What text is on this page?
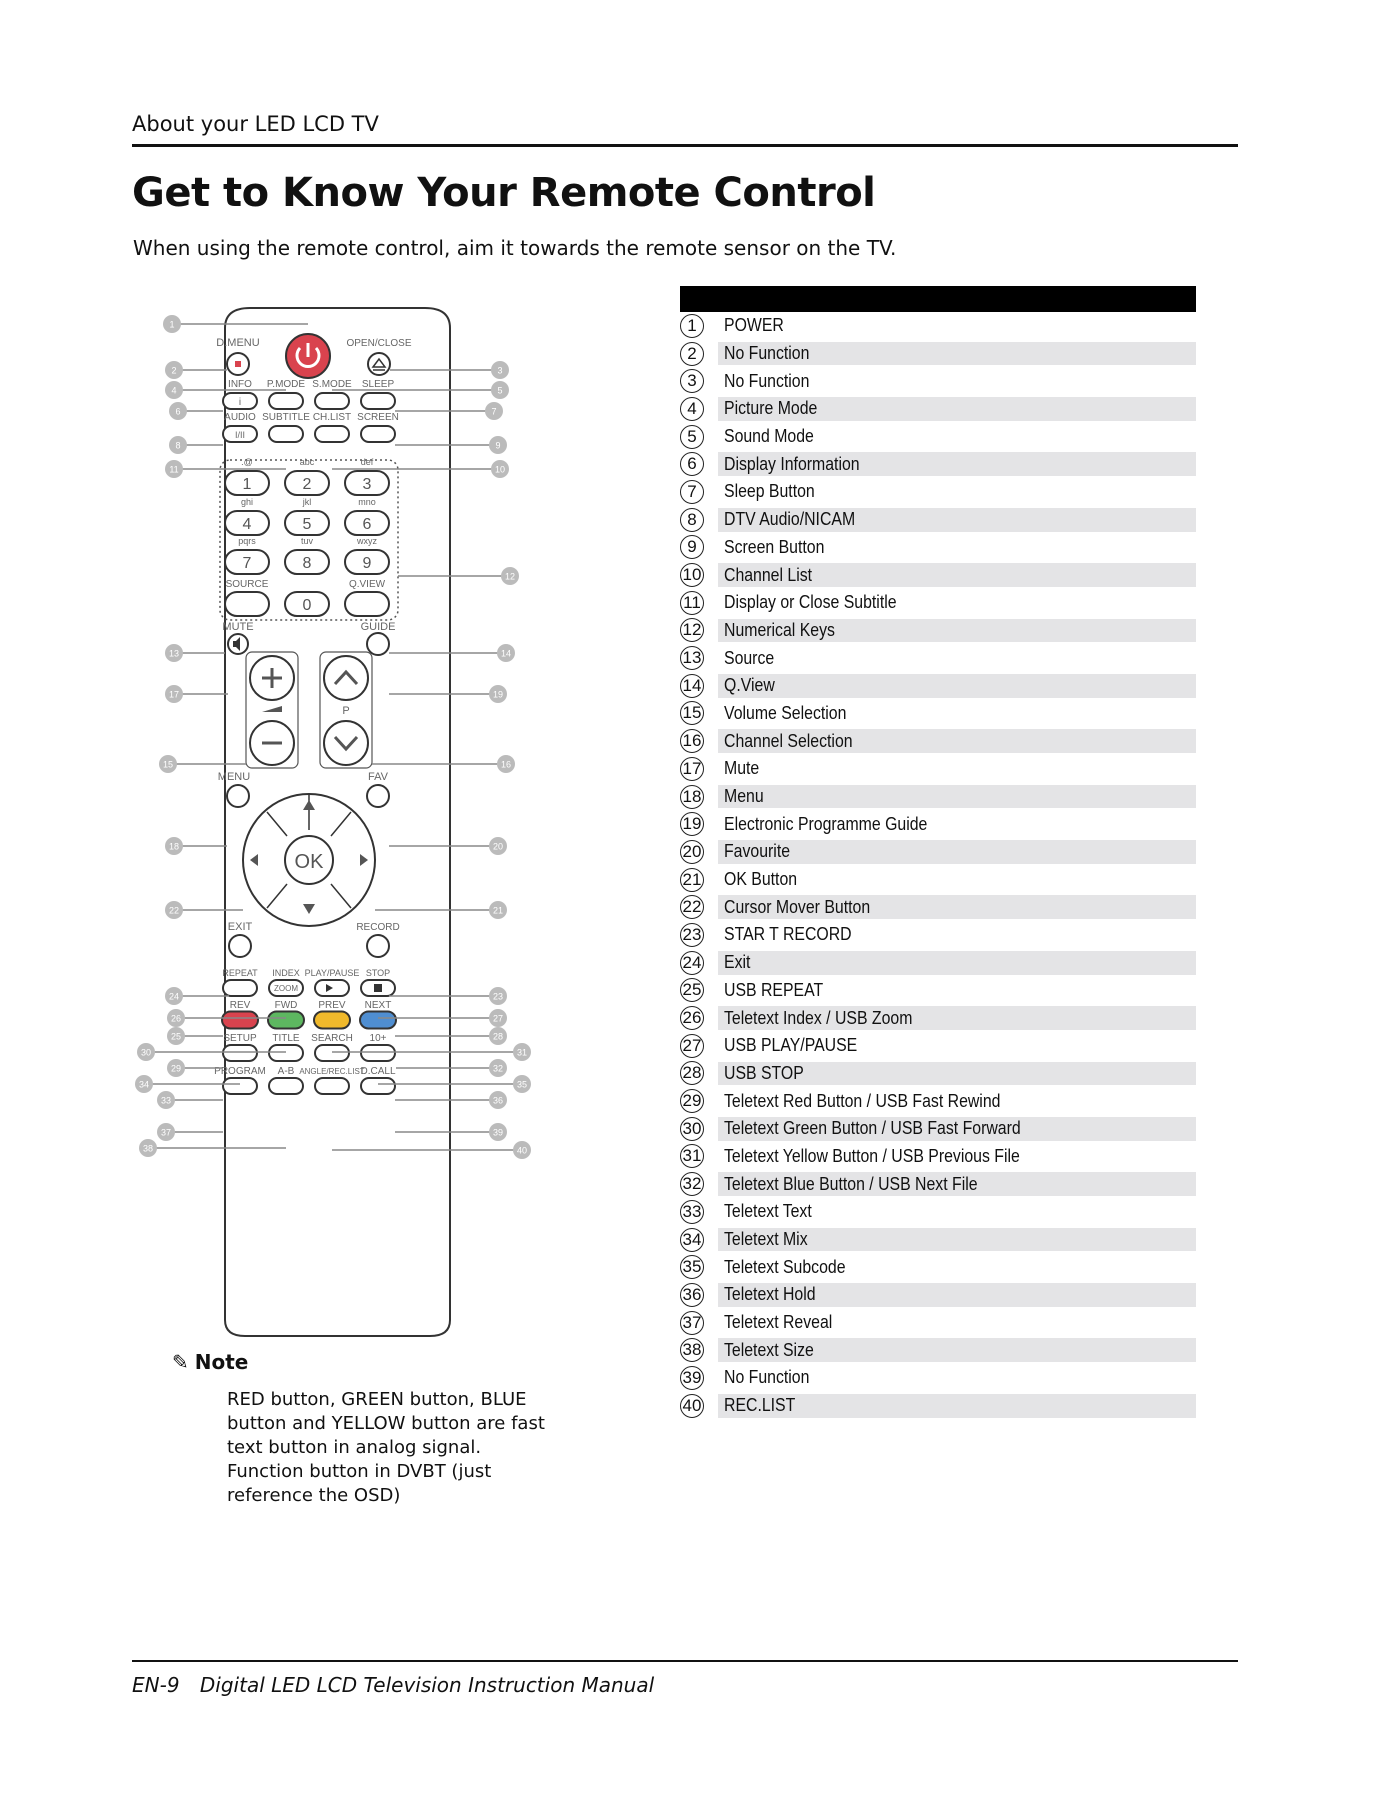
About your LED LCD TV
Get to Know Your Remote Control
When using the remote control, aim it towards the remote sensor on the TV.
D.MENU	OPEN/CLOSE
INFO P.MODE S.MODE SLEEP
i
AUDIO SUBTITLE CH.LIST SCREEN
I/II
.@
1
abc
2
def
3
ghi
4
jkl
5
mno
6
pqrs
7
tuv
8
wxyz
9
SOURCE
0
Q.VIEW
MUTE	GUIDE
P
MENU	FAV
OK
EXIT	RECORD
REPEAT INDEX PLAY/PAUSE STOP
ZOOM
REV FWD PREV NEXT
SETUP TITLE SEARCH 10+
PROGRAM A-B ANGLE/REC.LIST
D.CALL
1
2	3
4	5
6	7
8	9
10
11
12
13	14
15	16
17
18
19
20
21
22
23
24
25
26	27
28
29
30	31
32
33
34	35
36
37
38
39
40
✎ Note
RED button, GREEN button, BLUE button and YELLOW button are fast text button in analog signal. Function button in DVBT (just reference the OSD)
1	POWER
2	No Function
3	No Function
4	Picture Mode
5	Sound Mode
6	Display Information
7	Sleep Button
8	DTV Audio/NICAM
9	Screen Button
10 Channel List
11 Display or Close Subtitle
12 Numerical Keys
13 Source
14 Q.View
15 Volume Selection
16 Channel Selection
17 Mute
18 Menu
19 Electronic Programme Guide
20 Favourite
21 OK Button
22 Cursor Mover Button
23 STAR T RECORD
24 Exit
25 USB REPEAT
26 Teletext Index / USB Zoom
27 USB PLAY/PAUSE
28 USB STOP
29 Teletext Red Button / USB Fast Rewind
30 Teletext Green Button / USB Fast Forward
31 Teletext Yellow Button / USB Previous File
32 Teletext Blue Button / USB Next File
33 Teletext Text
34 Teletext Mix
35 Teletext Subcode
36 Teletext Hold
37 Teletext Reveal
38 Teletext Size
39 No Function
40 REC.LIST
EN-9 Digital LED LCD Television Instruction Manual
